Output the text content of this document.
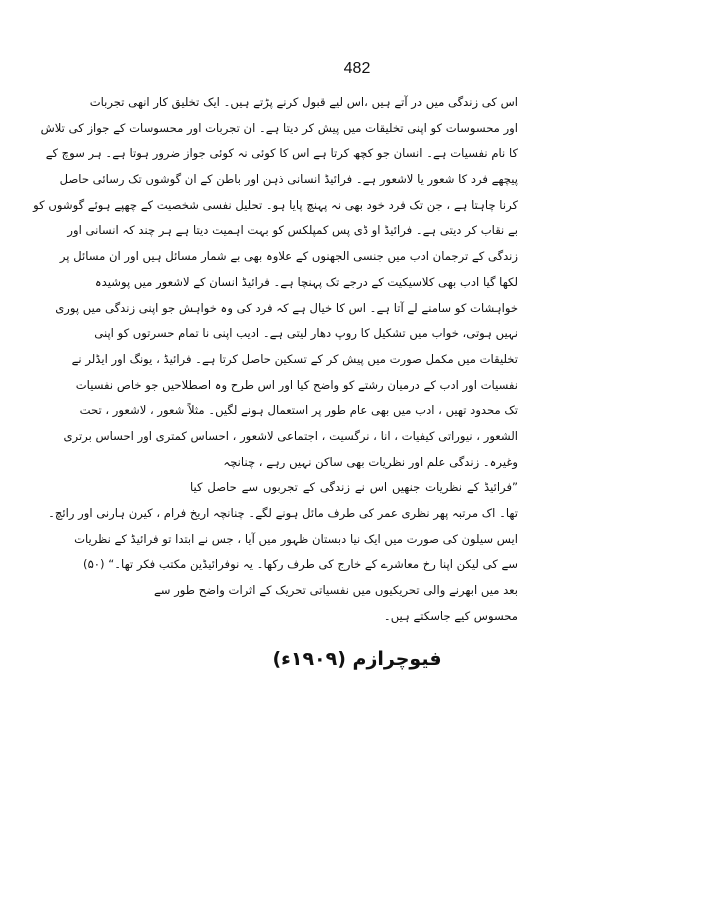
482
اس کی زندگی میں در آتے ہیں ،اس لیے قبول کرنے پڑتے ہیں۔ ایک تخلیق کار انھی تجربات
اور محسوسات کو اپنی تخلیقات میں پیش کر دیتا ہے۔ ان تجربات اور محسوسات کے جواز کی تلاش
کا نام نفسیات ہے۔ انسان جو کچھ کرتا ہے اس کا کوئی نہ کوئی جواز ضرور ہوتا ہے۔ ہر سوچ کے
پیچھے فرد کا شعور یا لاشعور ہے۔ فرائیڈ انسانی ذہن اور باطن کے ان گوشوں تک رسائی حاصل
کرنا چاہتا ہے ، جن تک فرد خود بھی نہ پہنچ پایا ہو۔ تحلیل نفسی شخصیت کے چھپے ہوئے گوشوں کو
بے نقاب کر دیتی ہے۔ فرائیڈ او ڈی پس کمپلکس کو بہت اہمیت دیتا ہے ہر چند کہ انسانی اور
زندگی کے ترجمان ادب میں جنسی الجھنوں کے علاوہ بھی بے شمار مسائل ہیں اور ان مسائل پر
لکھا گیا ادب بھی کلاسیکیت کے درجے تک پہنچا ہے۔ فرائیڈ انسان کے لاشعور میں پوشیدہ
خواہشات کو سامنے لے آتا ہے۔ اس کا خیال ہے کہ فرد کی وہ خواہش جو اپنی زندگی میں پوری
نہیں ہوتی، خواب میں تشکیل کا روپ دھار لیتی ہے۔ ادیب اپنی نا تمام حسرتوں کو اپنی
تخلیقات میں مکمل صورت میں پیش کر کے تسکین حاصل کرتا ہے۔ فرائیڈ ، یونگ اور ایڈلر نے
نفسیات اور ادب کے درمیان رشتے کو واضح کیا اور اس طرح وہ اصطلاحیں جو خاص نفسیات
تک محدود تھیں ، ادب میں بھی عام طور پر استعمال ہونے لگیں۔ مثلاً شعور ، لاشعور ، تحت
الشعور ، نیوراتی کیفیات ، انا ، نرگسیت ، اجتماعی لاشعور ، احساس کمتری اور احساس برتری
وغیرہ۔ زندگی علم اور نظریات بھی ساکن نہیں رہے ، چنانچہ
”فرائیڈ کے نظریات جنھیں اس نے زندگی کے تجربوں سے حاصل کیا
تھا۔ اک مرتبہ پھر نظری عمر کی طرف مائل ہونے لگے۔ چنانچہ اریخ فرام ، کیرن ہارنی اور رائچ۔
ایس سیلون کی صورت میں ایک نیا دبستان ظہور میں آیا ، جس نے ابتدا تو فرائیڈ کے نظریات
سے کی لیکن اپنا رخ معاشرے کے خارج کی طرف رکھا۔ یہ نوفرائیڈین مکتب فکر تھا۔“ (۵۰)
بعد میں ابھرنے والی تحریکیوں میں نفسیاتی تحریک کے اثرات واضح طور سے
محسوس کیے جاسکتے ہیں۔
فیوچرازم (۱۹۰۹ء)
